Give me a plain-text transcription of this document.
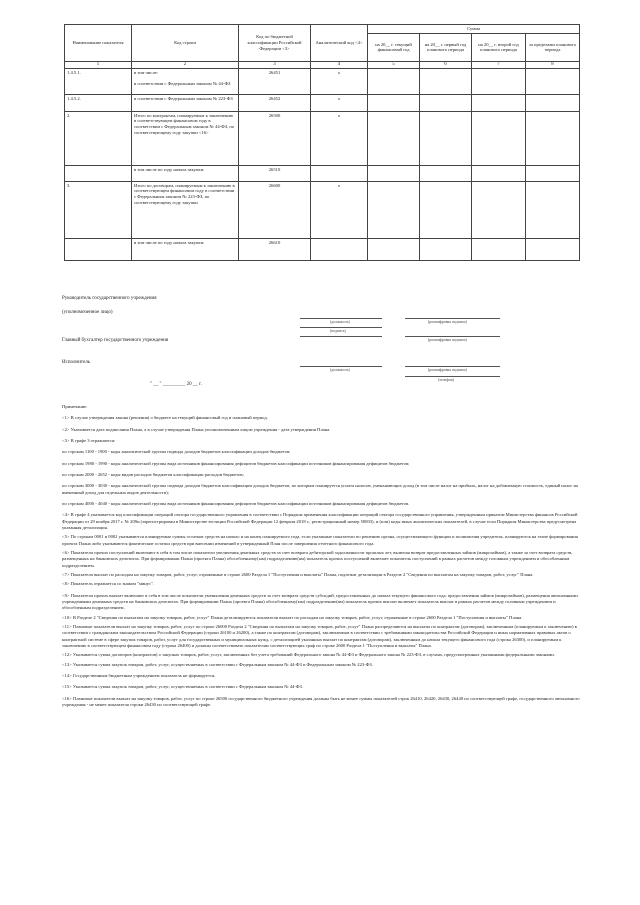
Наименование показателя	Код строки	Код по бюджетной классификации Российской Федерации <3>	Аналитический код <4>	Сумма			
				на 20__ г. текущий финансовый год	на 20__ г. первый год планового периода	на 20__ г. второй год планового периода	за пределами планового периода
1	2	3	4	5	6	7	8
1.4.5.1.	в том числе:

в соответствии с Федеральным законом № 44-ФЗ	26451	x				
1.4.5.2.	в соответствии с Федеральным законом № 223-ФЗ	26452	x				
2.	Итого по контрактам, планируемым к заключению в соответствующем финансовом году в соответствии с Федеральным законом № 44-ФЗ, по соответствующему году закупки <16>	26500	x				
	в том числе по году начала закупки:	26510					
3.	Итого по договорам, планируемым к заключению в соответствующем финансовом году в соответствии с Федеральным законом № 223-ФЗ, по соответствующему году закупки	26600	x				
	в том числе по году начала закупки:	26610					
Руководитель государственного учреждения
(уполномоченное лицо)
(должность)
(подпись)
(расшифровка подписи)
Главный бухгалтер государственного учреждения	(расшифровка подписи)
Исполнитель
(должность)	(расшифровка подписи)
(телефон)
" __ " _________ 20 __ г.

Примечание:

<1> В случае утверждения закона (решения) о бюджете на текущий финансовый год и плановый период.

<2> Указывается дата подписания Плана, а в случае утверждения Плана уполномоченным лицом учреждения - дата утверждения Плана.

<3> В графе 3 отражаются:

по строкам 1100 - 1900 - коды аналитической группы подвида доходов бюджетов классификации доходов бюджетов;

по строкам 1980 - 1990 - коды аналитической группы вида источников финансирования дефицитов бюджетов классификации источников финансирования дефицитов бюджетов;

по строкам 2000 - 2652 - коды видов расходов бюджетов классификации расходов бюджетов;

по строкам 3000 - 3030 - коды аналитической группы подвида доходов бюджетов классификации доходов бюджетов, по которым планируется уплата налогов, уменьшающих доход (в том числе налог на прибыль, налог на добавленную стоимость, единый налог на вмененный доход для отдельных видов деятельности);

по строкам 4000 - 4040 - коды аналитической группы вида источников финансирования дефицитов бюджетов классификации источников финансирования дефицитов бюджетов.

<4> В графе 4 указывается код классификации операций сектора государственного управления в соответствии с Порядком применения классификации операций сектора государственного управления, утвержденным приказом Министерства финансов Российской Федерации от 29 ноября 2017 г. № 209н (зарегистрирован в Министерстве юстиции Российской Федерации 12 февраля 2018 г., регистрационный номер 50003), и (или) коды иных аналитических показателей, в случае если Порядком Министерства предусмотрена указанная детализация.

<5> По строкам 0001 и 0002 указываются планируемые суммы остатков средств на начало и на конец планируемого года, если указанные показатели по решению органа, осуществляющего функции и полномочия учредителя, планируются на этапе формирования проекта Плана либо указываются фактические остатки средств при внесении изменений в утвержденный План после завершения отчетного финансового года.

<6> Показатели прочих поступлений включают в себя в том числе показатели увеличения денежных средств за счет возврата дебиторской задолженности прошлых лет, включая возврат предоставленных займов (микрозаймов), а также за счет возврата средств, размещенных на банковских депозитах. При формировании Плана (проекта Плана) обособленному(ым) подразделению(ям) показатель прочих поступлений включает показатель поступлений в рамках расчетов между головным учреждением и обособленным подразделением.

<7> Показатели выплат по расходам на закупку товаров, работ, услуг, отраженные в строке 2600 Раздела 1 "Поступления и выплаты" Плана, подлежат детализации в Разделе 2 "Сведения по выплатам на закупку товаров, работ, услуг" Плана.

<8> Показатель отражается со знаком "минус".

<9> Показатели прочих выплат включают в себя в том числе показатели уменьшения денежных средств за счет возврата средств субсидий, предоставленных до начала текущего финансового года, предоставления займов (микрозаймов), размещения автономными учреждениями денежных средств на банковских депозитах. При формировании Плана (проекта Плана) обособленному(ым) подразделению(ям) показатель прочих выплат включает показатель выплат в рамках расчетов между головным учреждением и обособленным подразделением.

<10> В Разделе 2 "Сведения по выплатам на закупку товаров, работ, услуг" Плана детализируются показатели выплат по расходам на закупку товаров, работ, услуг, отраженные в строке 2600 Раздела 1 "Поступления и выплаты" Плана.

<11> Плановые показатели выплат на закупку товаров, работ, услуг по строке 26000 Раздела 2 "Сведения по выплатам на закупку товаров, работ, услуг" Плана распределяются на выплаты по контрактам (договорам), заключенным (планируемым к заключению) в соответствии с гражданским законодательством Российской Федерации (строки 26100 и 26200), а также по контрактам (договорам), заключаемым в соответствии с требованиями законодательства Российской Федерации и иных нормативных правовых актов о контрактной системе в сфере закупок товаров, работ, услуг для государственных и муниципальных нужд, с детализацией указанных выплат по контрактам (договорам), заключенным до начала текущего финансового года (строка 26300), и планируемым к заключению в соответствующем финансовом году (строка 26400) и должны соответствовать показателям соответствующих граф по строке 2600 Раздела 1 "Поступления и выплаты" Плана.

<12> Указывается сумма договоров (контрактов) о закупках товаров, работ, услуг, заключенных без учета требований Федерального закона № 44-ФЗ и Федерального закона № 223-ФЗ, в случаях, предусмотренных указанными федеральными законами.

<13> Указывается сумма закупок товаров, работ, услуг, осуществляемых в соответствии с Федеральным законом № 44-ФЗ и Федеральным законом № 223-ФЗ.

<14> Государственным бюджетным учреждением показатель не формируется.

<15> Указывается сумма закупок товаров, работ, услуг, осуществляемых в соответствии с Федеральным законом № 44-ФЗ.

<16> Плановые показатели выплат на закупку товаров, работ, услуг по строке 26500 государственного бюджетного учреждения должны быть не менее суммы показателей строк 26410, 26420, 26430, 26440 по соответствующей графе, государственного автономного учреждения - не менее показателя строки 26430 по соответствующей графе.
